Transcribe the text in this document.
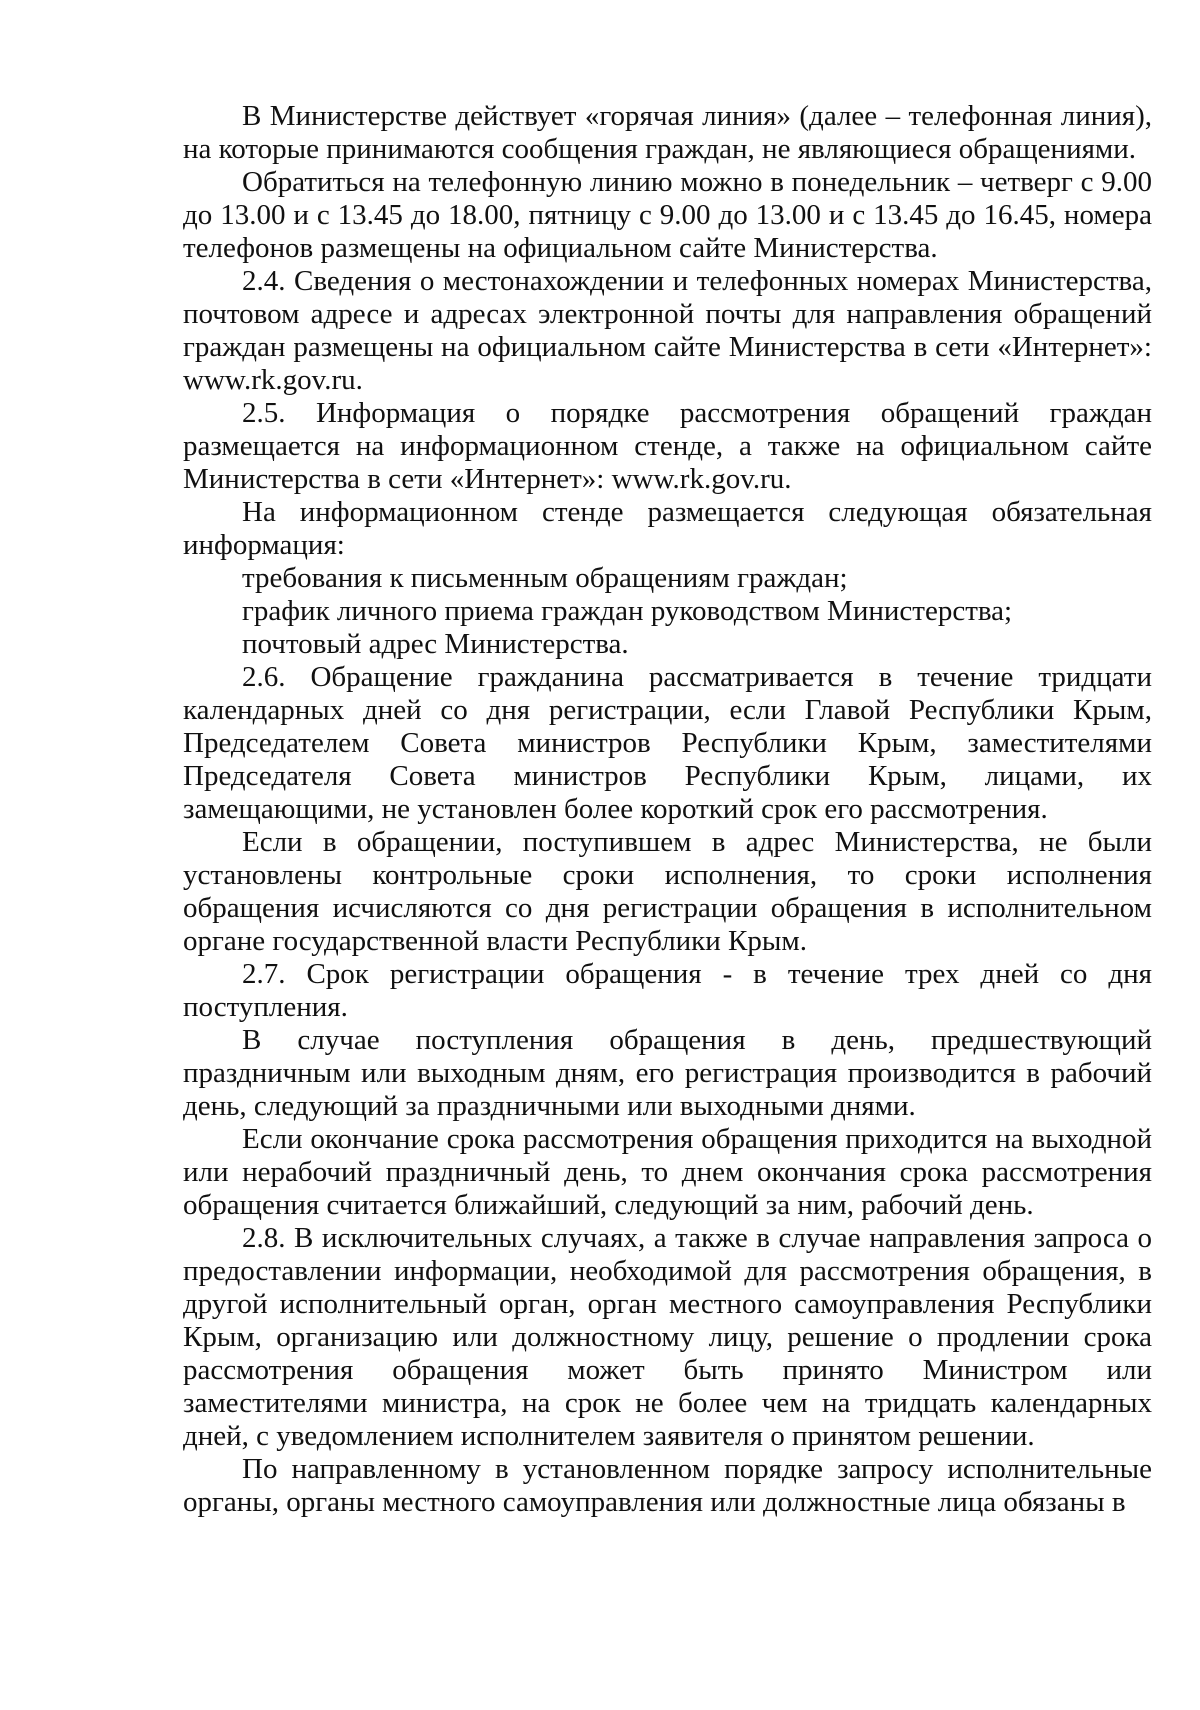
В Министерстве действует «горячая линия» (далее – телефонная линия), на которые принимаются сообщения граждан, не являющиеся обращениями.

Обратиться на телефонную линию можно в понедельник – четверг с 9.00 до 13.00 и с 13.45 до 18.00, пятницу с 9.00 до 13.00 и с 13.45 до 16.45, номера телефонов размещены на официальном сайте Министерства.

2.4. Сведения о местонахождении и телефонных номерах Министерства, почтовом адресе и адресах электронной почты для направления обращений граждан размещены на официальном сайте Министерства в сети «Интернет»: www.rk.gov.ru.

2.5. Информация о порядке рассмотрения обращений граждан размещается на информационном стенде, а также на официальном сайте Министерства в сети «Интернет»: www.rk.gov.ru.

На информационном стенде размещается следующая обязательная информация:

требования к письменным обращениям граждан;

график личного приема граждан руководством Министерства;

почтовый адрес Министерства.

2.6. Обращение гражданина рассматривается в течение тридцати календарных дней со дня регистрации, если Главой Республики Крым, Председателем Совета министров Республики Крым, заместителями Председателя Совета министров Республики Крым, лицами, их замещающими, не установлен более короткий срок его рассмотрения.

Если в обращении, поступившем в адрес Министерства, не были установлены контрольные сроки исполнения, то сроки исполнения обращения исчисляются со дня регистрации обращения в исполнительном органе государственной власти Республики Крым.

2.7. Срок регистрации обращения - в течение трех дней со дня поступления.

В случае поступления обращения в день, предшествующий праздничным или выходным дням, его регистрация производится в рабочий день, следующий за праздничными или выходными днями.

Если окончание срока рассмотрения обращения приходится на выходной или нерабочий праздничный день, то днем окончания срока рассмотрения обращения считается ближайший, следующий за ним, рабочий день.

2.8. В исключительных случаях, а также в случае направления запроса о предоставлении информации, необходимой для рассмотрения обращения, в другой исполнительный орган, орган местного самоуправления Республики Крым, организацию или должностному лицу, решение о продлении срока рассмотрения обращения может быть принято Министром или заместителями министра, на срок не более чем на тридцать календарных дней, с уведомлением исполнителем заявителя о принятом решении.

По направленному в установленном порядке запросу исполнительные органы, органы местного самоуправления или должностные лица обязаны в
